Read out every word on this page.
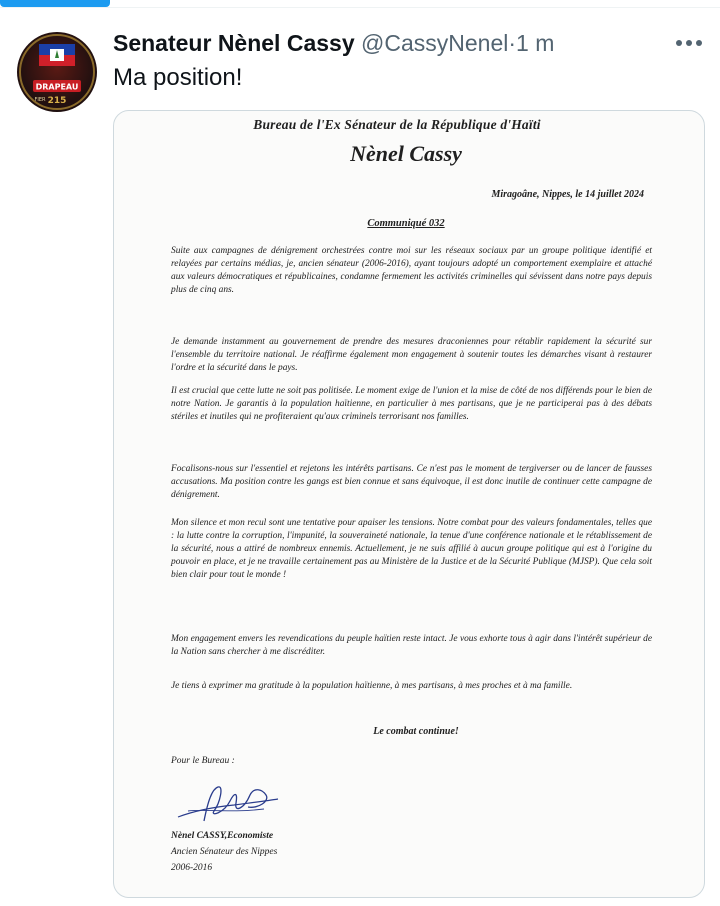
DRAPEAU
FIER 215
Senateur Nènel Cassy @CassyNenel·1 m
Ma position!
Bureau de l'Ex Sénateur de la République d'Haïti
Nènel Cassy
Miragoâne, Nippes, le 14 juillet 2024
Communiqué 032

Suite aux campagnes de dénigrement orchestrées contre moi sur les réseaux sociaux par un groupe politique identifié et relayées par certains médias, je, ancien sénateur (2006-2016), ayant toujours adopté un comportement exemplaire et attaché aux valeurs démocratiques et républicaines, condamne fermement les activités criminelles qui sévissent dans notre pays depuis plus de cinq ans.

Je demande instamment au gouvernement de prendre des mesures draconiennes pour rétablir rapidement la sécurité sur l'ensemble du territoire national. Je réaffirme également mon engagement à soutenir toutes les démarches visant à restaurer l'ordre et la sécurité dans le pays.

Il est crucial que cette lutte ne soit pas politisée. Le moment exige de l'union et la mise de côté de nos différends pour le bien de notre Nation. Je garantis à la population haïtienne, en particulier à mes partisans, que je ne participerai pas à des débats stériles et inutiles qui ne profiteraient qu'aux criminels terrorisant nos familles.

Focalisons-nous sur l'essentiel et rejetons les intérêts partisans. Ce n'est pas le moment de tergiverser ou de lancer de fausses accusations. Ma position contre les gangs est bien connue et sans équivoque, il est donc inutile de continuer cette campagne de dénigrement.

Mon silence et mon recul sont une tentative pour apaiser les tensions. Notre combat pour des valeurs fondamentales, telles que : la lutte contre la corruption, l'impunité, la souveraineté nationale, la tenue d'une conférence nationale et le rétablissement de la sécurité, nous a attiré de nombreux ennemis. Actuellement, je ne suis affilié à aucun groupe politique qui est à l'origine du pouvoir en place, et je ne travaille certainement pas au Ministère de la Justice et de la Sécurité Publique (MJSP). Que cela soit bien clair pour tout le monde !

Mon engagement envers les revendications du peuple haïtien reste intact. Je vous exhorte tous à agir dans l'intérêt supérieur de la Nation sans chercher à me discréditer.

Je tiens à exprimer ma gratitude à la population haïtienne, à mes partisans, à mes proches et à ma famille.

Le combat continue!
Pour le Bureau :
Nènel CASSY,Economiste
Ancien Sénateur des Nippes
2006-2016
